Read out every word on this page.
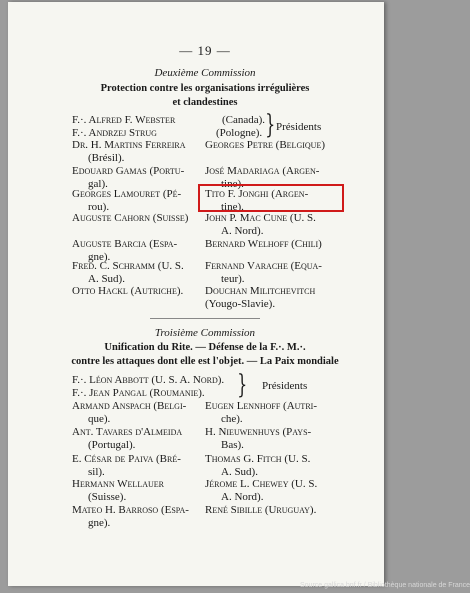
— 19 —
Deuxième Commission
Protection contre les organisations irrégulières
et clandestines
F.·. Alfred F. Webster	(Canada).
F.·. Andrzej Strug	(Pologne). } Présidents
Dr. H. Martins Ferreira
(Brésil).
Georges Petre (Belgique)
Edouard Gamas (Portu-
gal).
José Madariaga (Argen-
tine).
Georges Lamouret (Pé-
rou).
Tito F. Jonghi (Argen-
tine).
Auguste Cahorn (Suisse) John P. Mac Cune (U. S.
A. Nord).
Auguste Barcia (Espa-
gne).
Bernard Welhoff (Chili)
Fred. C. Schramm (U. S.
A. Sud).
Fernand Varache (Equa-
teur).
Otto Hackl (Autriche). Douchan Militchevitch
(Yougo-Slavie).
Troisième Commission
Unification du Rite. — Défense de la F.·. M.·.
contre les attaques dont elle est l'objet. — La Paix mondiale
F.·. Léon Abbott (U. S. A. Nord).
F.·. Jean Pangal (Roumanie). } Présidents
Armand Anspach (Belgi-
que).
Eugen Lennhoff (Autri-
che).
Ant. Tavares d'Almeida
(Portugal).
H. Nieuwenhuys (Pays-
Bas).
E. César de Paiva (Bré-
sil).
Thomas G. Fitch (U. S.
A. Sud).
Hermann Wellauer
(Suisse).
Jérome L. Chewey (U. S.
A. Nord).
Mateo H. Barroso (Espa-
gne).
René Sibille (Uruguay).
Source gallica.bnf.fr / Bibliothèque nationale de France
